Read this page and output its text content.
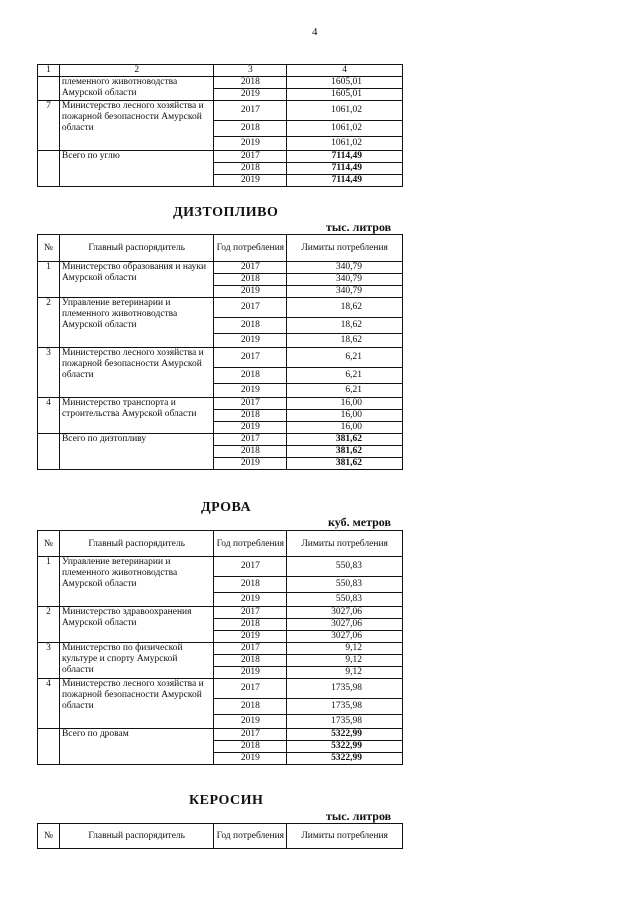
4
1	2	3	4
	племенного животноводства Амурской области	2018	1605,01
		2019	1605,01
7	Министерство лесного хозяйства и пожарной безопасности Амурской области	2017	1061,02
		2018	1061,02
		2019	1061,02
	Всего по углю	2017	7114,49
		2018	7114,49
		2019	7114,49
ДИЗТОПЛИВО
тыс. литров
№	Главный распорядитель	Год потребления	Лимиты потребления
1	Министерство образования и науки Амурской области	2017	340,79
		2018	340,79
		2019	340,79
2	Управление ветеринарии и племенного животноводства Амурской области	2017	18,62
		2018	18,62
		2019	18,62
3	Министерство лесного хозяйства и пожарной безопасности Амурской области	2017	6,21
		2018	6,21
		2019	6,21
4	Министерство транспорта и строительства Амурской области	2017	16,00
		2018	16,00
		2019	16,00
	Всего по дизтопливу	2017	381,62
		2018	381,62
		2019	381,62
ДРОВА
куб. метров
№	Главный распорядитель	Год потребления	Лимиты потребления
1	Управление ветеринарии и племенного животноводства Амурской области	2017	550,83
		2018	550,83
		2019	550,83
2	Министерство здравоохранения Амурской области	2017	3027,06
		2018	3027,06
		2019	3027,06
3	Министерство по физической культуре и спорту Амурской области	2017	9,12
		2018	9,12
		2019	9,12
4	Министерство лесного хозяйства и пожарной безопасности Амурской области	2017	1735,98
		2018	1735,98
		2019	1735,98
	Всего по дровам	2017	5322,99
		2018	5322,99
		2019	5322,99
КЕРОСИН
тыс. литров
№	Главный распорядитель	Год потребления	Лимиты потребления
